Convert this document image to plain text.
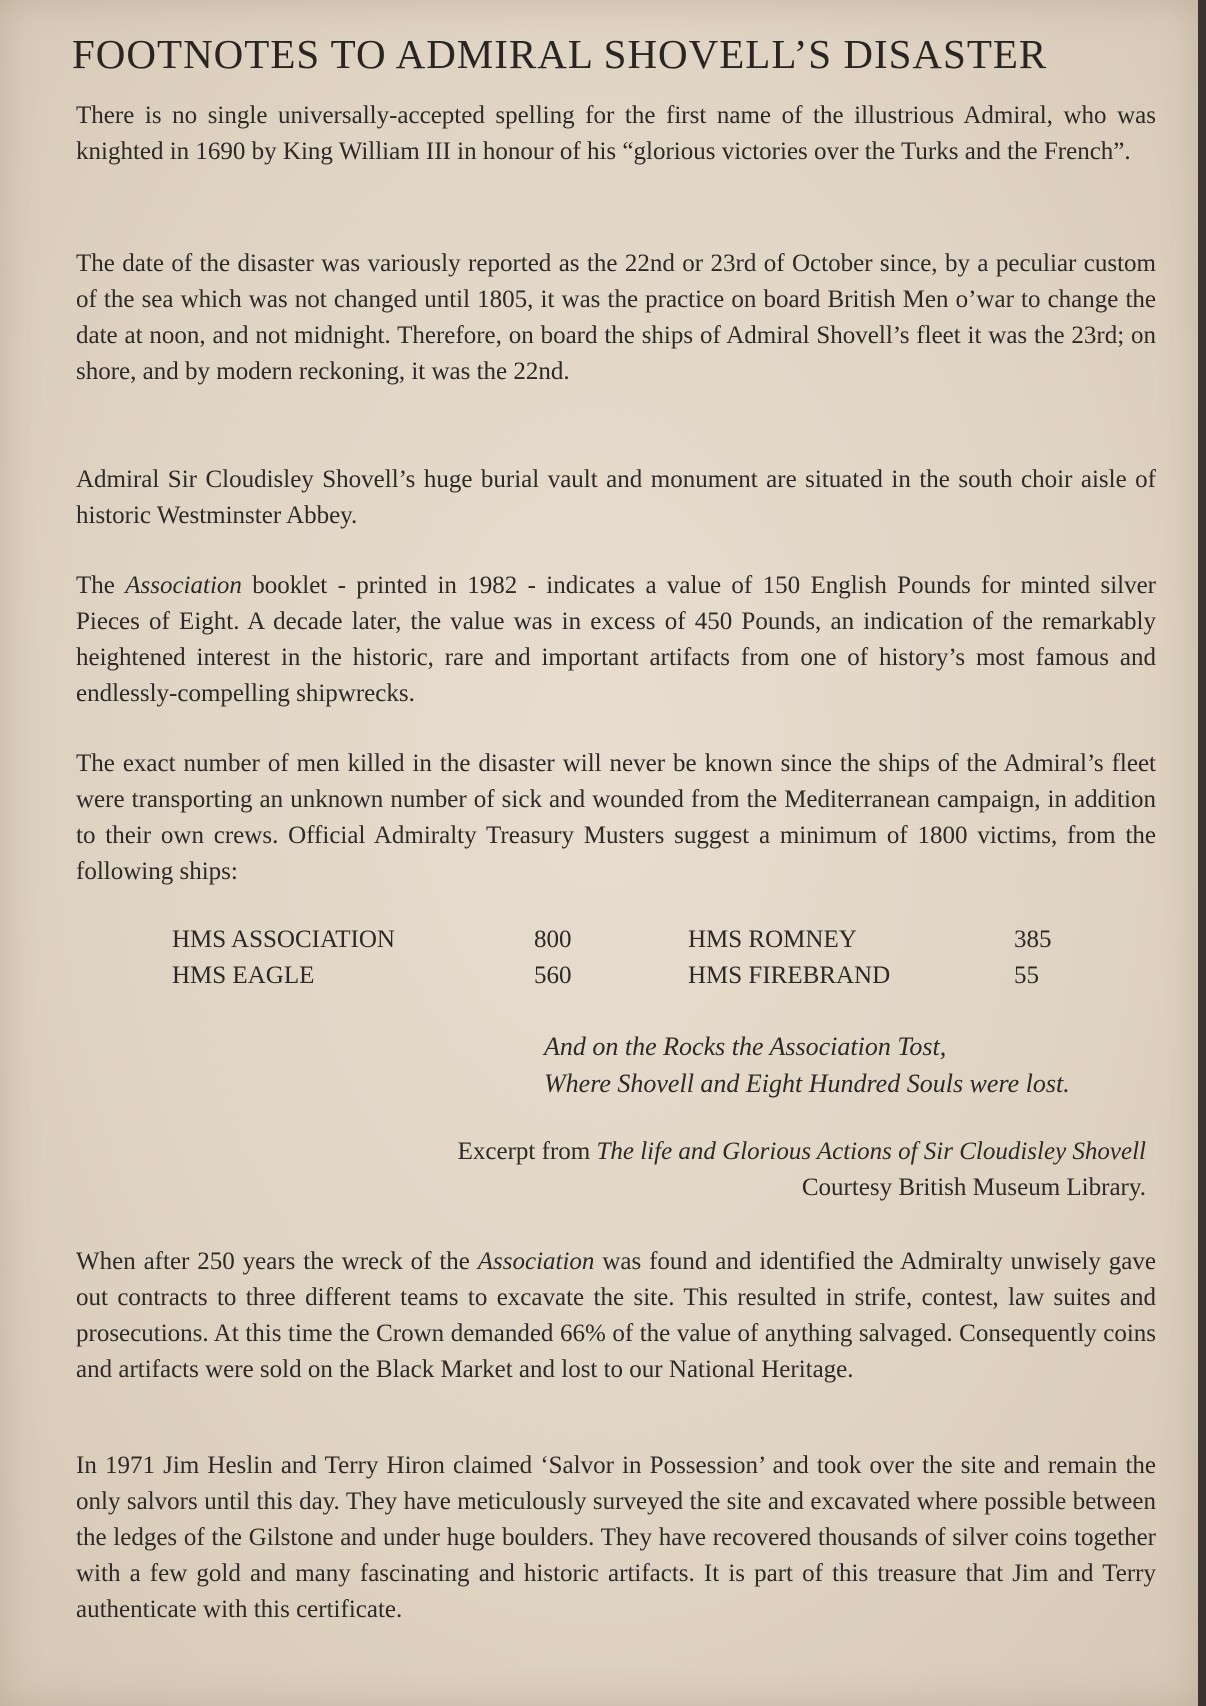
FOOTNOTES TO ADMIRAL SHOVELL’S DISASTER

There is no single universally-accepted spelling for the first name of the illustrious Admiral, who was knighted in 1690 by King William III in honour of his “glorious victories over the Turks and the French”.

The date of the disaster was variously reported as the 22nd or 23rd of October since, by a peculiar custom of the sea which was not changed until 1805, it was the practice on board British Men o’war to change the date at noon, and not midnight. Therefore, on board the ships of Admiral Shovell’s fleet it was the 23rd; on shore, and by modern reckoning, it was the 22nd.

Admiral Sir Cloudisley Shovell’s huge burial vault and monument are situated in the south choir aisle of historic Westminster Abbey.

The Association booklet - printed in 1982 - indicates a value of 150 English Pounds for minted silver Pieces of Eight. A decade later, the value was in excess of 450 Pounds, an indication of the remarkably heightened interest in the historic, rare and important artifacts from one of history’s most famous and endlessly-compelling shipwrecks.

The exact number of men killed in the disaster will never be known since the ships of the Admiral’s fleet were transporting an unknown number of sick and wounded from the Mediterranean campaign, in addition to their own crews. Official Admiralty Treasury Musters suggest a minimum of 1800 victims, from the following ships:

HMS ASSOCIATION	800	HMS ROMNEY	385
HMS EAGLE	560	HMS FIREBRAND	55
And on the Rocks the Association Tost,
Where Shovell and Eight Hundred Souls were lost.
Excerpt from The life and Glorious Actions of Sir Cloudisley Shovell
Courtesy British Museum Library.

When after 250 years the wreck of the Association was found and identified the Admiralty unwisely gave out contracts to three different teams to excavate the site. This resulted in strife, contest, law suites and prosecutions. At this time the Crown demanded 66% of the value of anything salvaged. Consequently coins and artifacts were sold on the Black Market and lost to our National Heritage.

In 1971 Jim Heslin and Terry Hiron claimed ‘Salvor in Possession’ and took over the site and remain the only salvors until this day. They have meticulously surveyed the site and excavated where possible between the ledges of the Gilstone and under huge boulders. They have recovered thousands of silver coins together with a few gold and many fascinating and historic artifacts. It is part of this treasure that Jim and Terry authenticate with this certificate.
